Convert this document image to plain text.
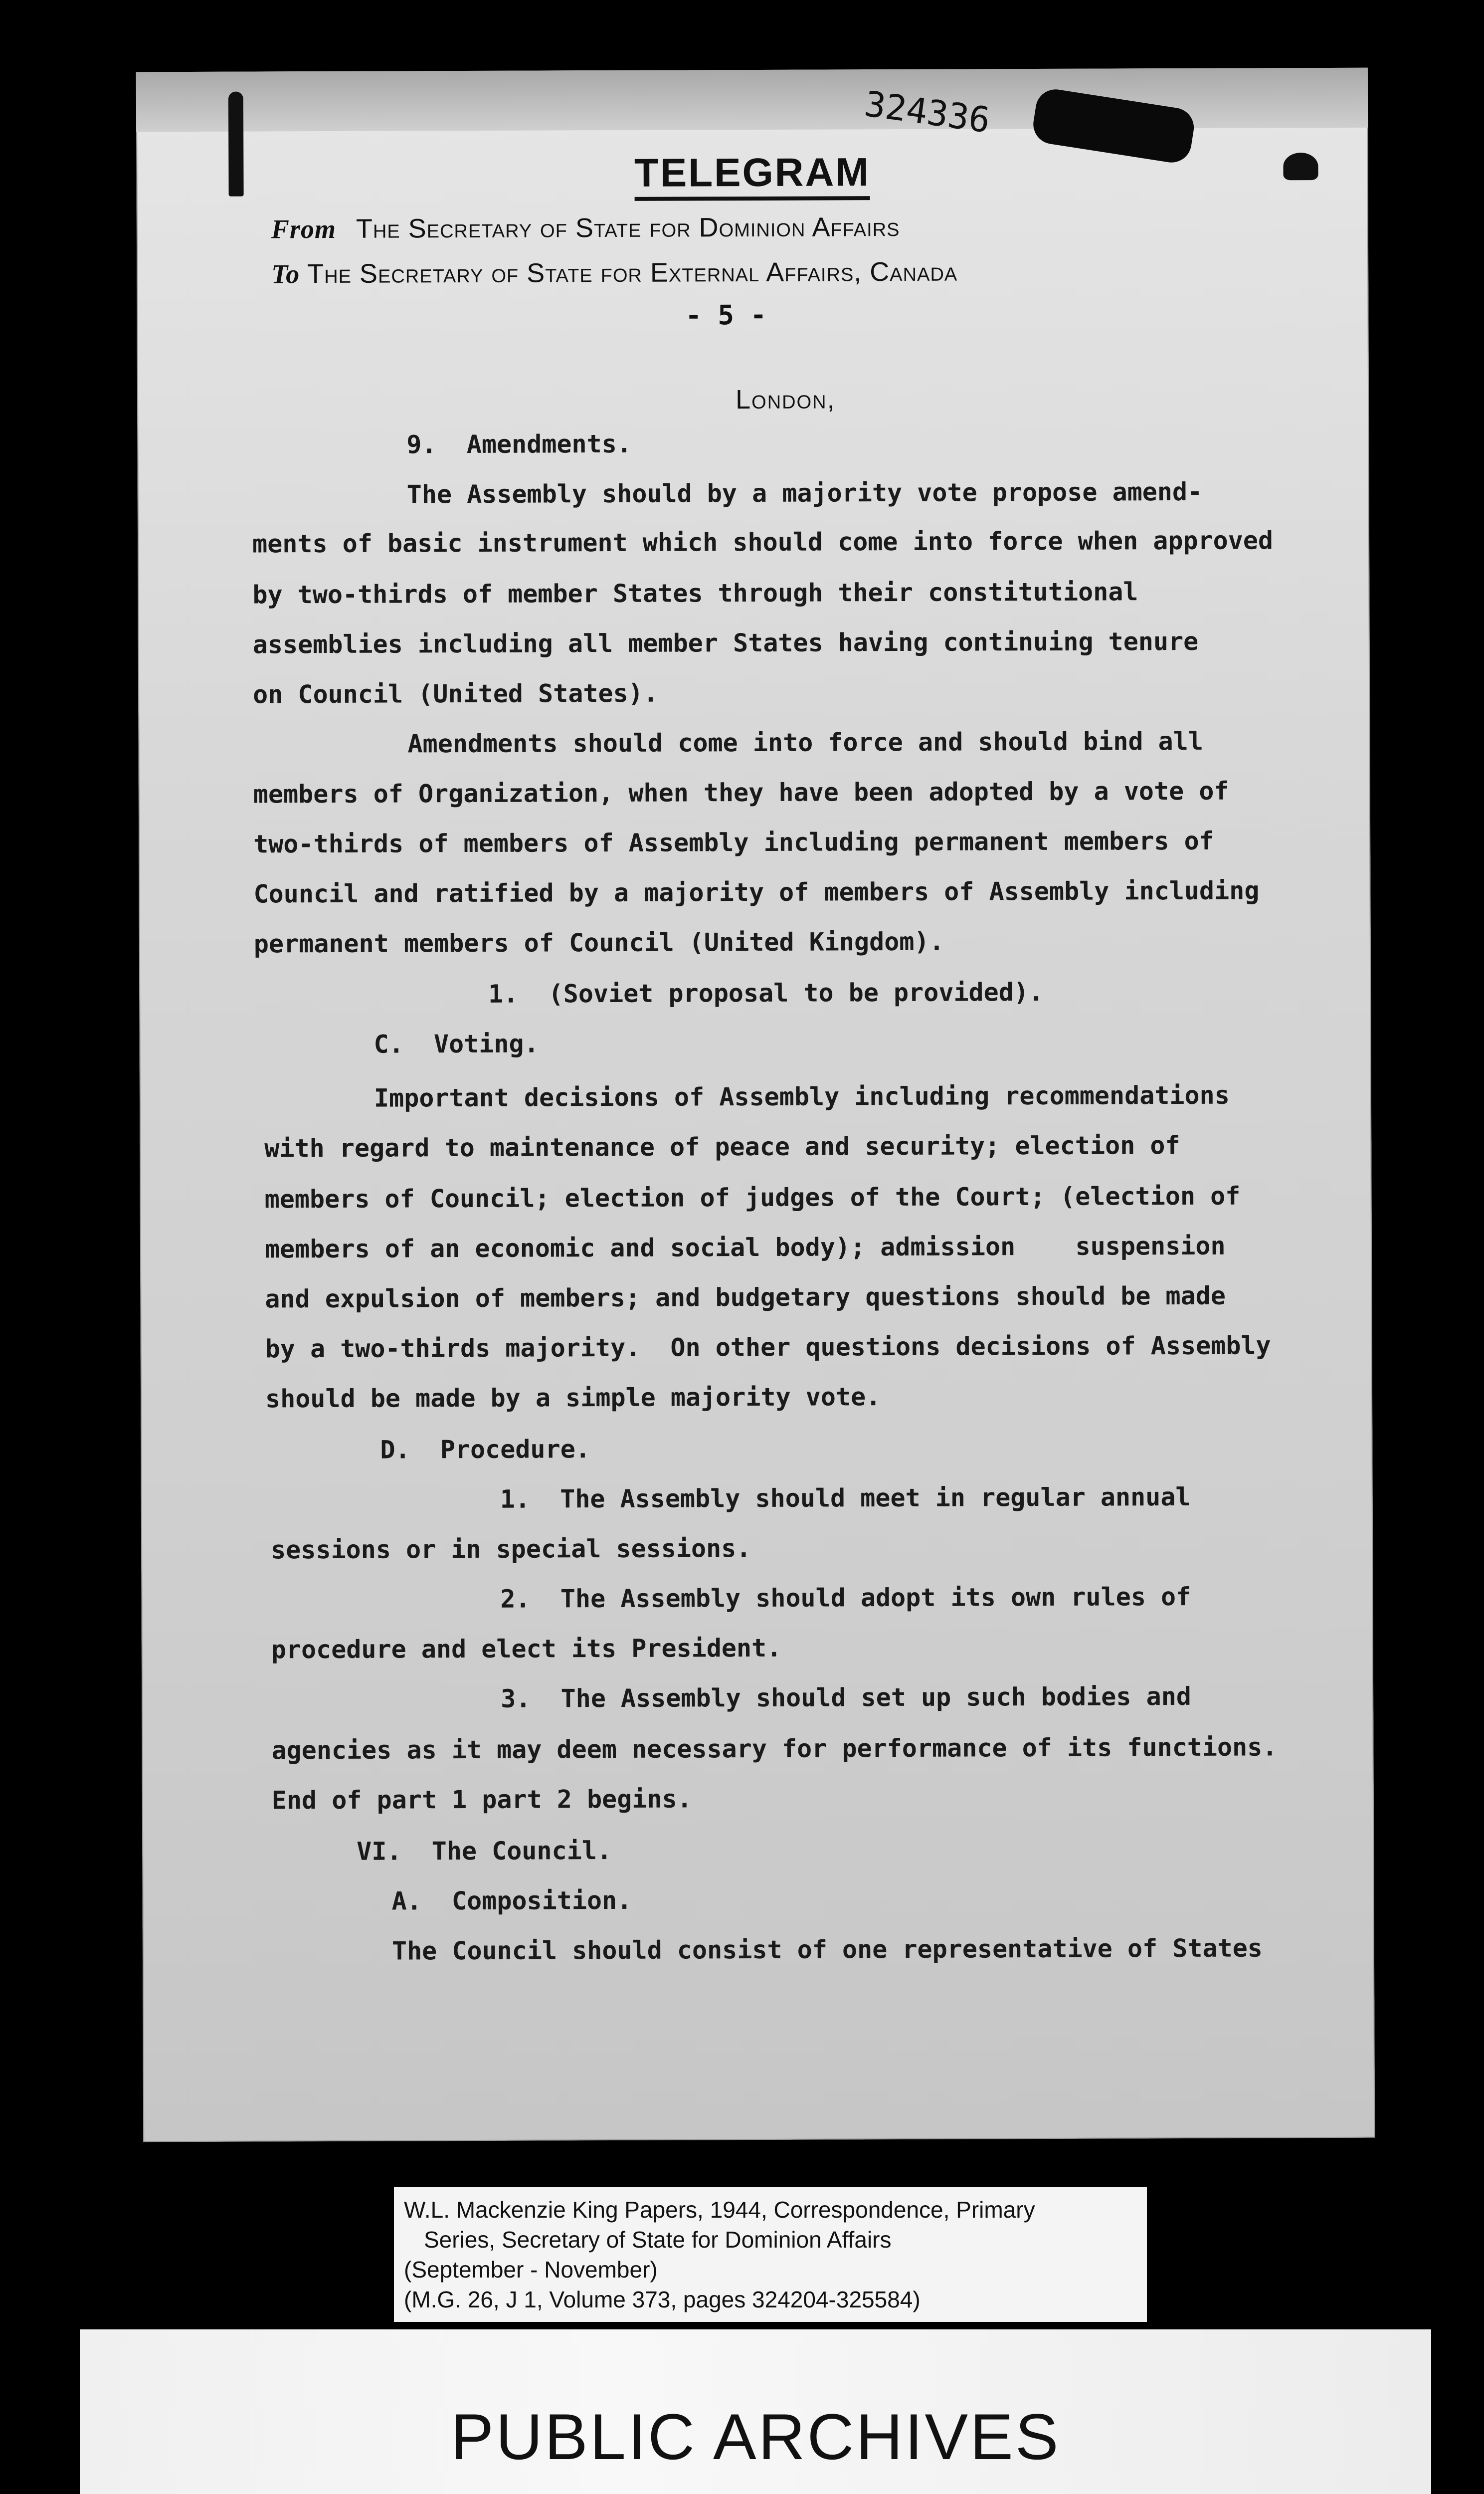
324336
TELEGRAM
From The Secretary of State for Dominion Affairs
To The Secretary of State for External Affairs, Canada
- 5 -
London,
9.  Amendments.
The Assembly should by a majority vote propose amend-
ments of basic instrument which should come into force when approved
by two-thirds of member States through their constitutional
assemblies including all member States having continuing tenure
on Council (United States).
Amendments should come into force and should bind all
members of Organization, when they have been adopted by a vote of
two-thirds of members of Assembly including permanent members of
Council and ratified by a majority of members of Assembly including
permanent members of Council (United Kingdom).
1.  (Soviet proposal to be provided).
C.  Voting.
Important decisions of Assembly including recommendations
with regard to maintenance of peace and security; election of
members of Council; election of judges of the Court; (election of
members of an economic and social body); admission    suspension
and expulsion of members; and budgetary questions should be made
by a two-thirds majority.  On other questions decisions of Assembly
should be made by a simple majority vote.
D.  Procedure.
1.  The Assembly should meet in regular annual
sessions or in special sessions.
2.  The Assembly should adopt its own rules of
procedure and elect its President.
3.  The Assembly should set up such bodies and
agencies as it may deem necessary for performance of its functions.
End of part 1 part 2 begins.
VI.  The Council.
A.  Composition.
The Council should consist of one representative of States
W.L. Mackenzie King Papers, 1944, Correspondence, Primary
Series, Secretary of State for Dominion Affairs
(September - November)
(M.G. 26, J 1, Volume 373, pages 324204-325584)
PUBLIC ARCHIVES
